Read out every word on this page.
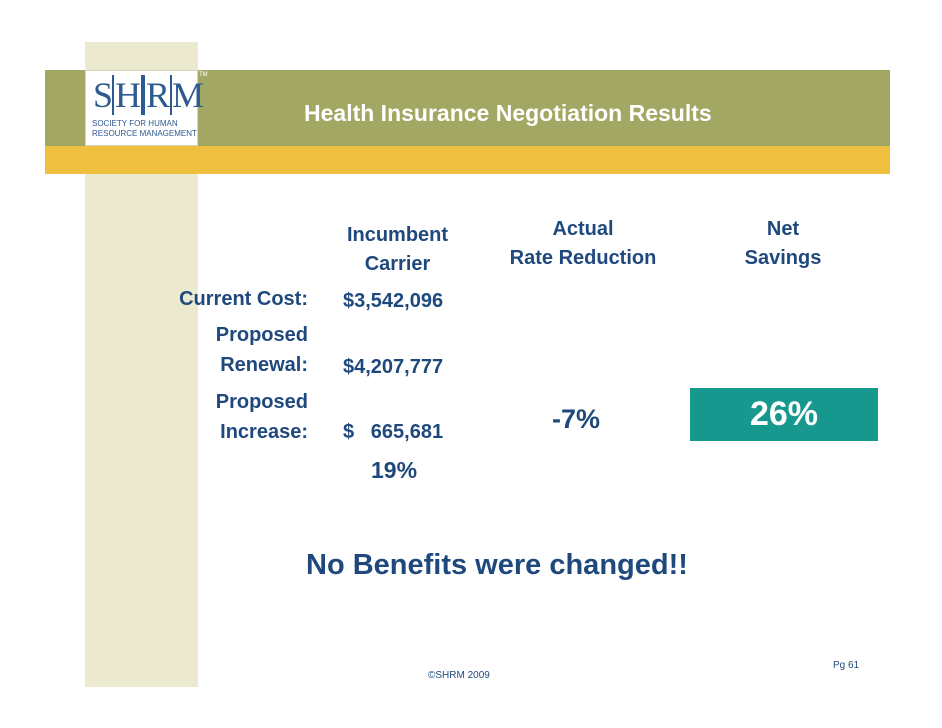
SH RM
SOCIETY FOR HUMAN
RESOURCE MANAGEMENT
TM
Health Insurance Negotiation Results
Incumbent
Carrier
Actual
Rate Reduction
Net
Savings
Current Cost: $3,542,096
Proposed
Renewal: $4,207,777
Proposed
Increase: $   665,681
19%
-7%	26%
No Benefits were changed!!
Pg 61
©SHRM 2009
